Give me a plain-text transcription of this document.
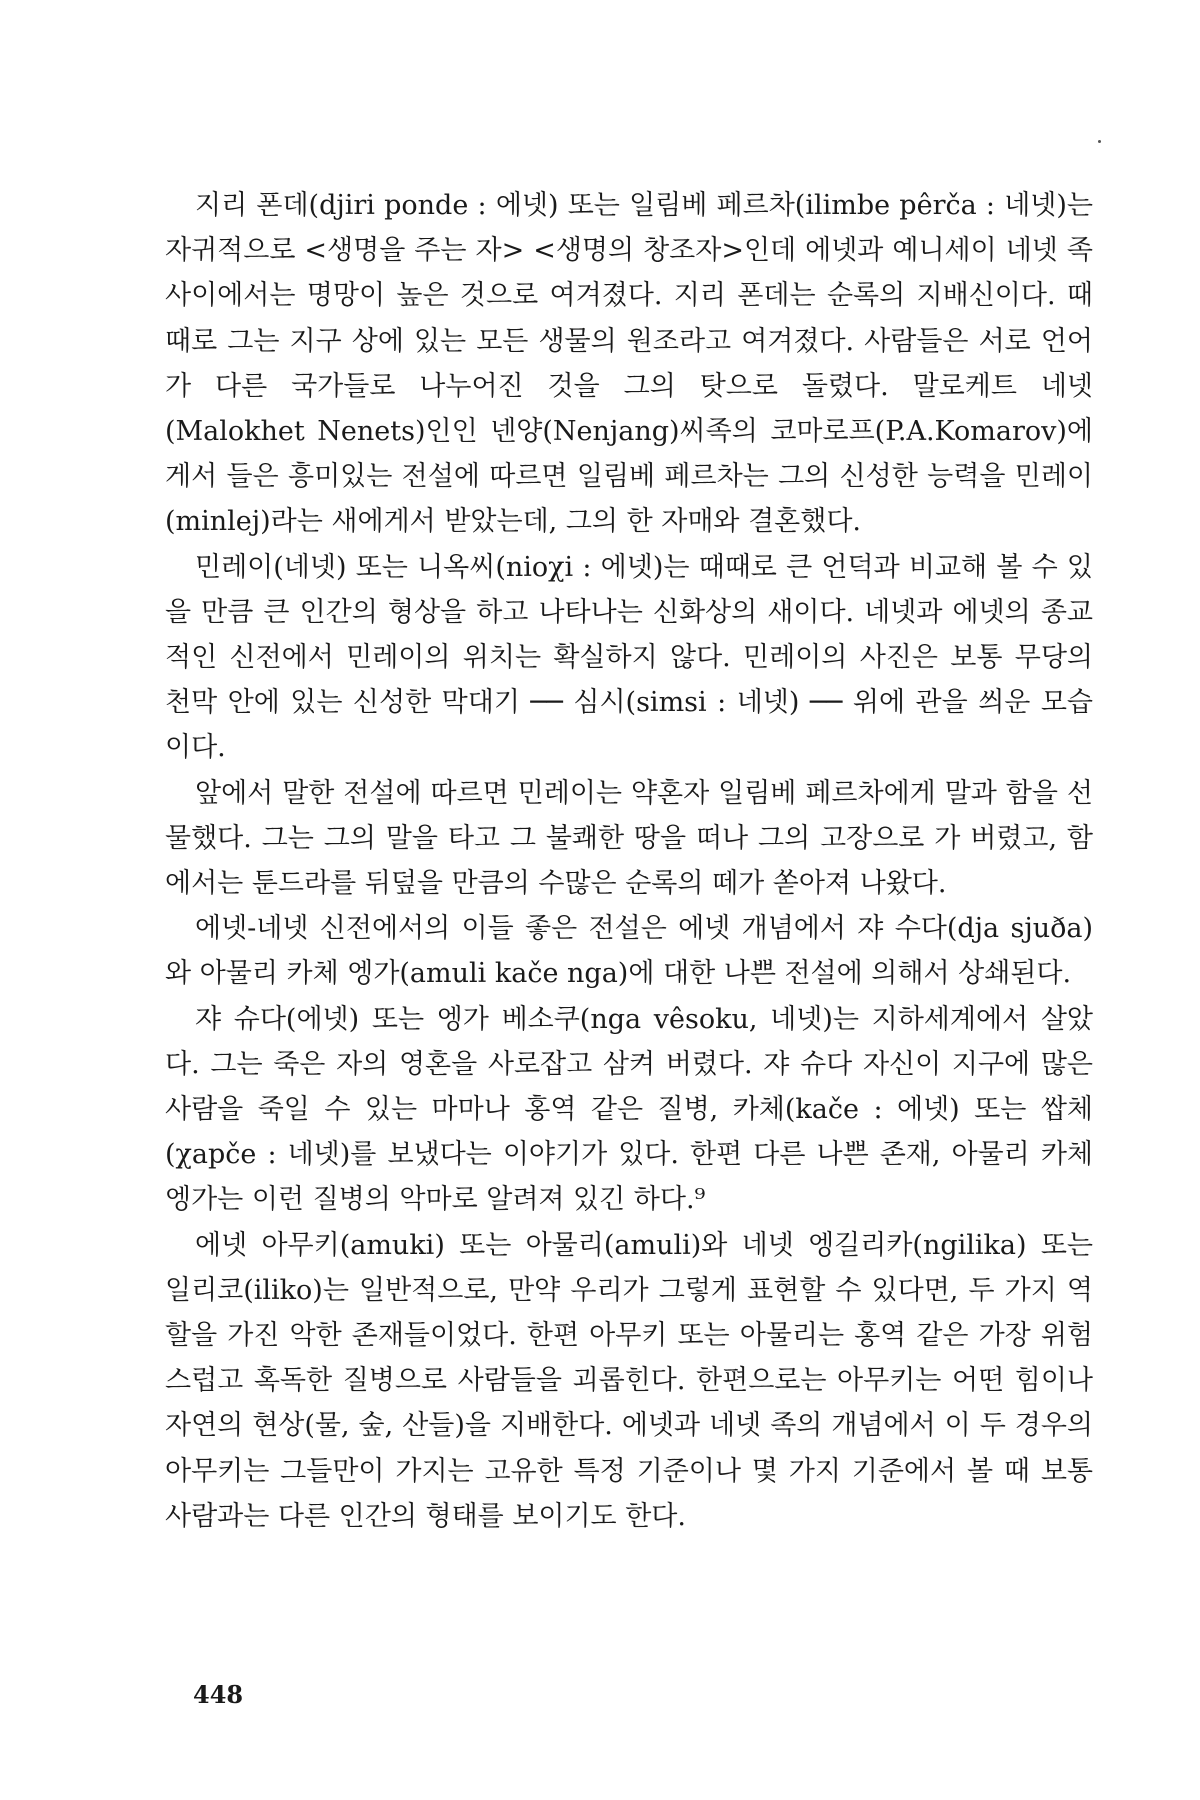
지리 폰데(djiri ponde : 에넷) 또는 일림베 페르차(ilimbe pêrča : 네넷)는 자귀적으로 <생명을 주는 자> <생명의 창조자>인데 에넷과 예니세이 네넷 족 사이에서는 명망이 높은 것으로 여겨졌다. 지리 폰데는 순록의 지배신이다. 때때로 그는 지구 상에 있는 모든 생물의 원조라고 여겨졌다. 사람들은 서로 언어가 다른 국가들로 나누어진 것을 그의 탓으로 돌렸다. 말로케트 네넷(Malokhet Nenets)인인 넨양(Nenjang)씨족의 코마로프(P.A.Komarov)에게서 들은 흥미있는 전설에 따르면 일림베 페르차는 그의 신성한 능력을 민레이(minlej)라는 새에게서 받았는데, 그의 한 자매와 결혼했다.

민레이(네넷) 또는 니옥씨(nioχi : 에넷)는 때때로 큰 언덕과 비교해 볼 수 있을 만큼 큰 인간의 형상을 하고 나타나는 신화상의 새이다. 네넷과 에넷의 종교적인 신전에서 민레이의 위치는 확실하지 않다. 민레이의 사진은 보통 무당의 천막 안에 있는 신성한 막대기 ── 심시(simsi : 네넷) ── 위에 관을 씌운 모습이다.

앞에서 말한 전설에 따르면 민레이는 약혼자 일림베 페르차에게 말과 함을 선물했다. 그는 그의 말을 타고 그 불쾌한 땅을 떠나 그의 고장으로 가 버렸고, 함에서는 툰드라를 뒤덮을 만큼의 수많은 순록의 떼가 쏟아져 나왔다.

에넷-네넷 신전에서의 이들 좋은 전설은 에넷 개념에서 쟈 수다(dja sjuða)와 아물리 카체 엥가(amuli kače nga)에 대한 나쁜 전설에 의해서 상쇄된다.

쟈 슈다(에넷) 또는 엥가 베소쿠(nga vêsoku, 네넷)는 지하세계에서 살았다. 그는 죽은 자의 영혼을 사로잡고 삼켜 버렸다. 쟈 슈다 자신이 지구에 많은 사람을 죽일 수 있는 마마나 홍역 같은 질병, 카체(kače : 에넷) 또는 쌉체(χapče : 네넷)를 보냈다는 이야기가 있다. 한편 다른 나쁜 존재, 아물리 카체 엥가는 이런 질병의 악마로 알려져 있긴 하다.⁹

에넷 아무키(amuki) 또는 아물리(amuli)와 네넷 엥길리카(ngilika) 또는 일리코(iliko)는 일반적으로, 만약 우리가 그렇게 표현할 수 있다면, 두 가지 역할을 가진 악한 존재들이었다. 한편 아무키 또는 아물리는 홍역 같은 가장 위험스럽고 혹독한 질병으로 사람들을 괴롭힌다. 한편으로는 아무키는 어떤 힘이나 자연의 현상(물, 숲, 산들)을 지배한다. 에넷과 네넷 족의 개념에서 이 두 경우의 아무키는 그들만이 가지는 고유한 특정 기준이나 몇 가지 기준에서 볼 때 보통사람과는 다른 인간의 형태를 보이기도 한다.

448
